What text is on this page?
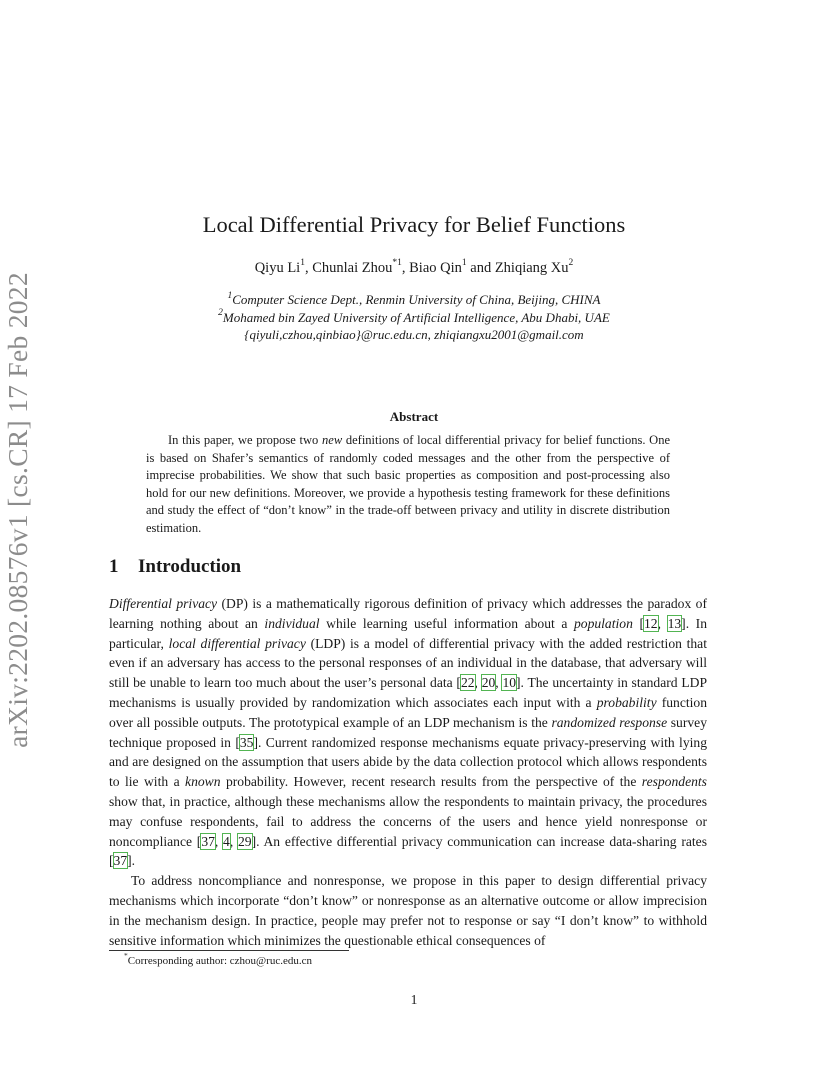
arXiv:2202.08576v1 [cs.CR] 17 Feb 2022
Local Differential Privacy for Belief Functions
Qiyu Li$^1$, Chunlai Zhou$^{*1}$, Biao Qin$^1$ and Zhiqiang Xu$^2$
$^1$Computer Science Dept., Renmin University of China, Beijing, CHINA
$^2$Mohamed bin Zayed University of Artificial Intelligence, Abu Dhabi, UAE
{qiyuli,czhou,qinbiao}@ruc.edu.cn, zhiqiangxu2001@gmail.com
Abstract

In this paper, we propose two new definitions of local differential privacy for belief functions. One is based on Shafer’s semantics of randomly coded messages and the other from the perspective of imprecise probabilities. We show that such basic properties as composition and post-processing also hold for our new definitions. Moreover, we provide a hypothesis testing framework for these definitions and study the effect of “don’t know” in the trade-off between privacy and utility in discrete distribution estimation.

1 Introduction

Differential privacy (DP) is a mathematically rigorous definition of privacy which addresses the paradox of learning nothing about an individual while learning useful information about a population [12, 13]. In particular, local differential privacy (LDP) is a model of differential privacy with the added restriction that even if an adversary has access to the personal responses of an individual in the database, that adversary will still be unable to learn too much about the user’s personal data [22, 20, 10]. The uncertainty in standard LDP mechanisms is usually provided by randomization which associates each input with a probability function over all possible outputs. The prototypical example of an LDP mechanism is the randomized response survey technique proposed in [35]. Current randomized response mechanisms equate privacy-preserving with lying and are designed on the assumption that users abide by the data collection protocol which allows respondents to lie with a known probability. However, recent research results from the perspective of the respondents show that, in practice, although these mechanisms allow the respondents to maintain privacy, the procedures may confuse respondents, fail to address the concerns of the users and hence yield nonresponse or noncompliance [37, 4, 29]. An effective differential privacy communication can increase data-sharing rates [37].

To address noncompliance and nonresponse, we propose in this paper to design differential privacy mechanisms which incorporate “don’t know” or nonresponse as an alternative outcome or allow imprecision in the mechanism design. In practice, people may prefer not to response or say “I don’t know” to withhold sensitive information which minimizes the questionable ethical consequences of

*Corresponding author: czhou@ruc.edu.cn
1
